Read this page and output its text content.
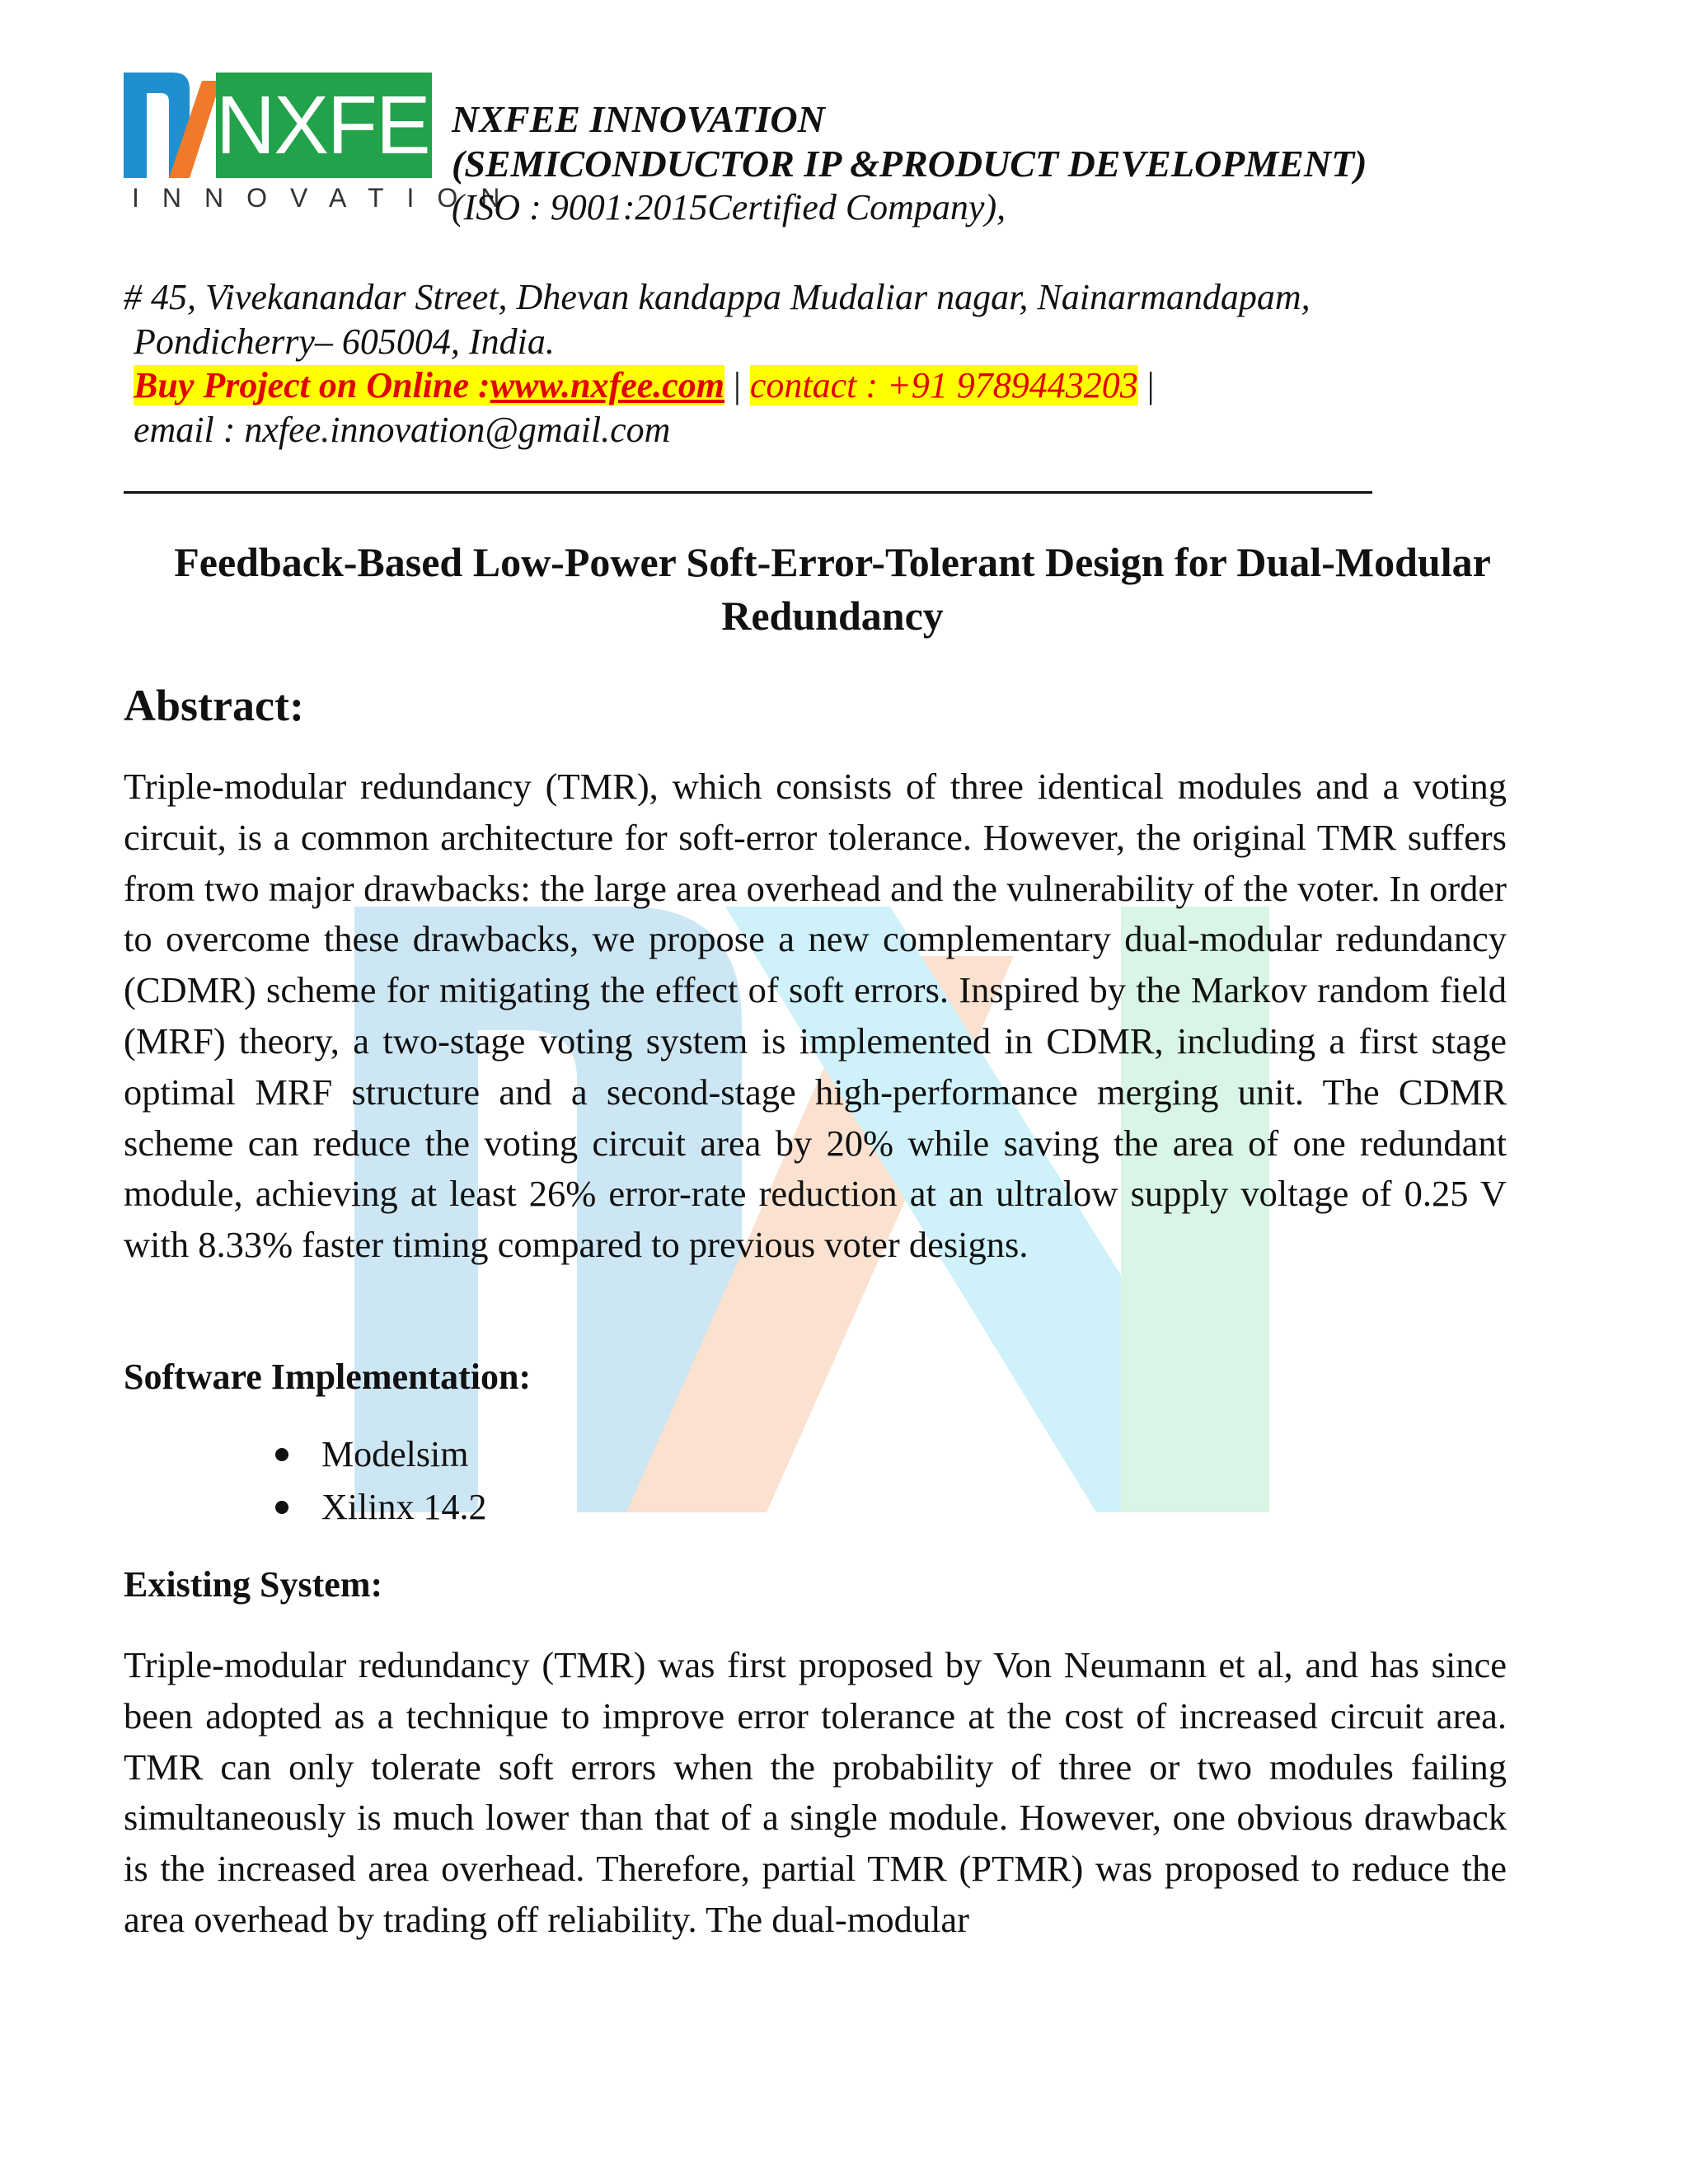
NXFEE

INNOVATION

NXFEE INNOVATION

(SEMICONDUCTOR IP &PRODUCT DEVELOPMENT)

(ISO : 9001:2015Certified Company),

# 45, Vivekanandar Street, Dhevan kandappa Mudaliar nagar, Nainarmandapam,

Pondicherry– 605004, India.

Buy Project on Online :www.nxfee.com | contact : +91 9789443203 |

email : nxfee.innovation@gmail.com

Feedback-Based Low-Power Soft-Error-Tolerant Design for Dual-Modular Redundancy
Abstract:

Triple-modular redundancy (TMR), which consists of three identical modules and a voting circuit, is a common architecture for soft-error tolerance. However, the original TMR suffers from two major drawbacks: the large area overhead and the vulnerability of the voter. In order to overcome these drawbacks, we propose a new complementary dual-modular redundancy (CDMR) scheme for mitigating the effect of soft errors. Inspired by the Markov random field (MRF) theory, a two-stage voting system is implemented in CDMR, including a first stage optimal MRF structure and a second-stage high-performance merging unit. The CDMR scheme can reduce the voting circuit area by 20% while saving the area of one redundant module, achieving at least 26% error-rate reduction at an ultralow supply voltage of 0.25 V with 8.33% faster timing compared to previous voter designs.

Software Implementation:
Modelsim
Xilinx 14.2
Existing System:

Triple-modular redundancy (TMR) was first proposed by Von Neumann et al, and has since been adopted as a technique to improve error tolerance at the cost of increased circuit area. TMR can only tolerate soft errors when the probability of three or two modules failing simultaneously is much lower than that of a single module. However, one obvious drawback is the increased area overhead. Therefore, partial TMR (PTMR) was proposed to reduce the area overhead by trading off reliability. The dual-modular
